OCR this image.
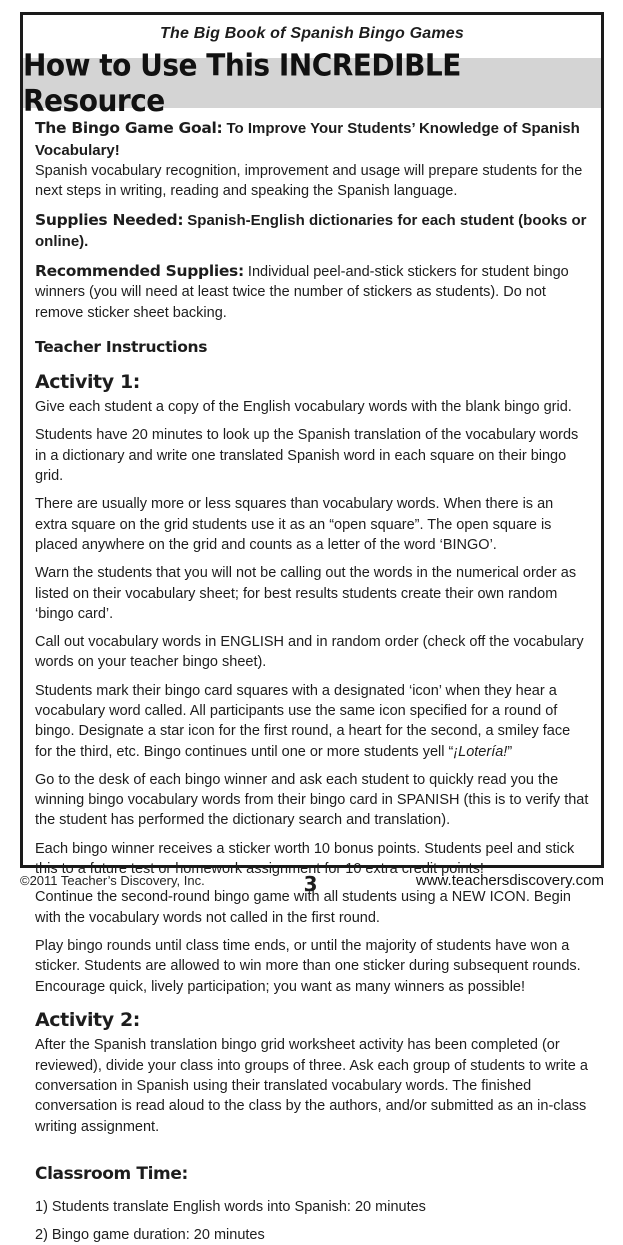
The Big Book of Spanish Bingo Games
How to Use This INCREDIBLE Resource
The Bingo Game Goal: To Improve Your Students’ Knowledge of Spanish Vocabulary!
Spanish vocabulary recognition, improvement and usage will prepare students for the next steps in writing, reading and speaking the Spanish language.
Supplies Needed: Spanish-English dictionaries for each student (books or online).
Recommended Supplies: Individual peel-and-stick stickers for student bingo winners (you will need at least twice the number of stickers as students). Do not remove sticker sheet backing.
Teacher Instructions
Activity 1:
Give each student a copy of the English vocabulary words with the blank bingo grid.
Students have 20 minutes to look up the Spanish translation of the vocabulary words in a dictionary and write one translated Spanish word in each square on their bingo grid.
There are usually more or less squares than vocabulary words. When there is an extra square on the grid students use it as an “open square”. The open square is placed anywhere on the grid and counts as a letter of the word ‘BINGO’.
Warn the students that you will not be calling out the words in the numerical order as listed on their vocabulary sheet; for best results students create their own random ‘bingo card’.
Call out vocabulary words in ENGLISH and in random order (check off the vocabulary words on your teacher bingo sheet).
Students mark their bingo card squares with a designated ‘icon’ when they hear a vocabulary word called. All participants use the same icon specified for a round of bingo. Designate a star icon for the first round, a heart for the second, a smiley face for the third, etc. Bingo continues until one or more students yell “¡Lotería!”
Go to the desk of each bingo winner and ask each student to quickly read you the winning bingo vocabulary words from their bingo card in SPANISH (this is to verify that the student has performed the dictionary search and translation).
Each bingo winner receives a sticker worth 10 bonus points. Students peel and stick this to a future test or homework assignment for 10 extra credit points!
Continue the second-round bingo game with all students using a NEW ICON. Begin with the vocabulary words not called in the first round.
Play bingo rounds until class time ends, or until the majority of students have won a sticker. Students are allowed to win more than one sticker during subsequent rounds. Encourage quick, lively participation; you want as many winners as possible!
Activity 2:
After the Spanish translation bingo grid worksheet activity has been completed (or reviewed), divide your class into groups of three. Ask each group of students to write a conversation in Spanish using their translated vocabulary words. The finished conversation is read aloud to the class by the authors, and/or submitted as an in-class writing assignment.
Classroom Time:
1) Students translate English words into Spanish: 20 minutes
2) Bingo game duration: 20 minutes
©2011 Teacher’s Discovery, Inc.	3	www.teachersdiscovery.com
